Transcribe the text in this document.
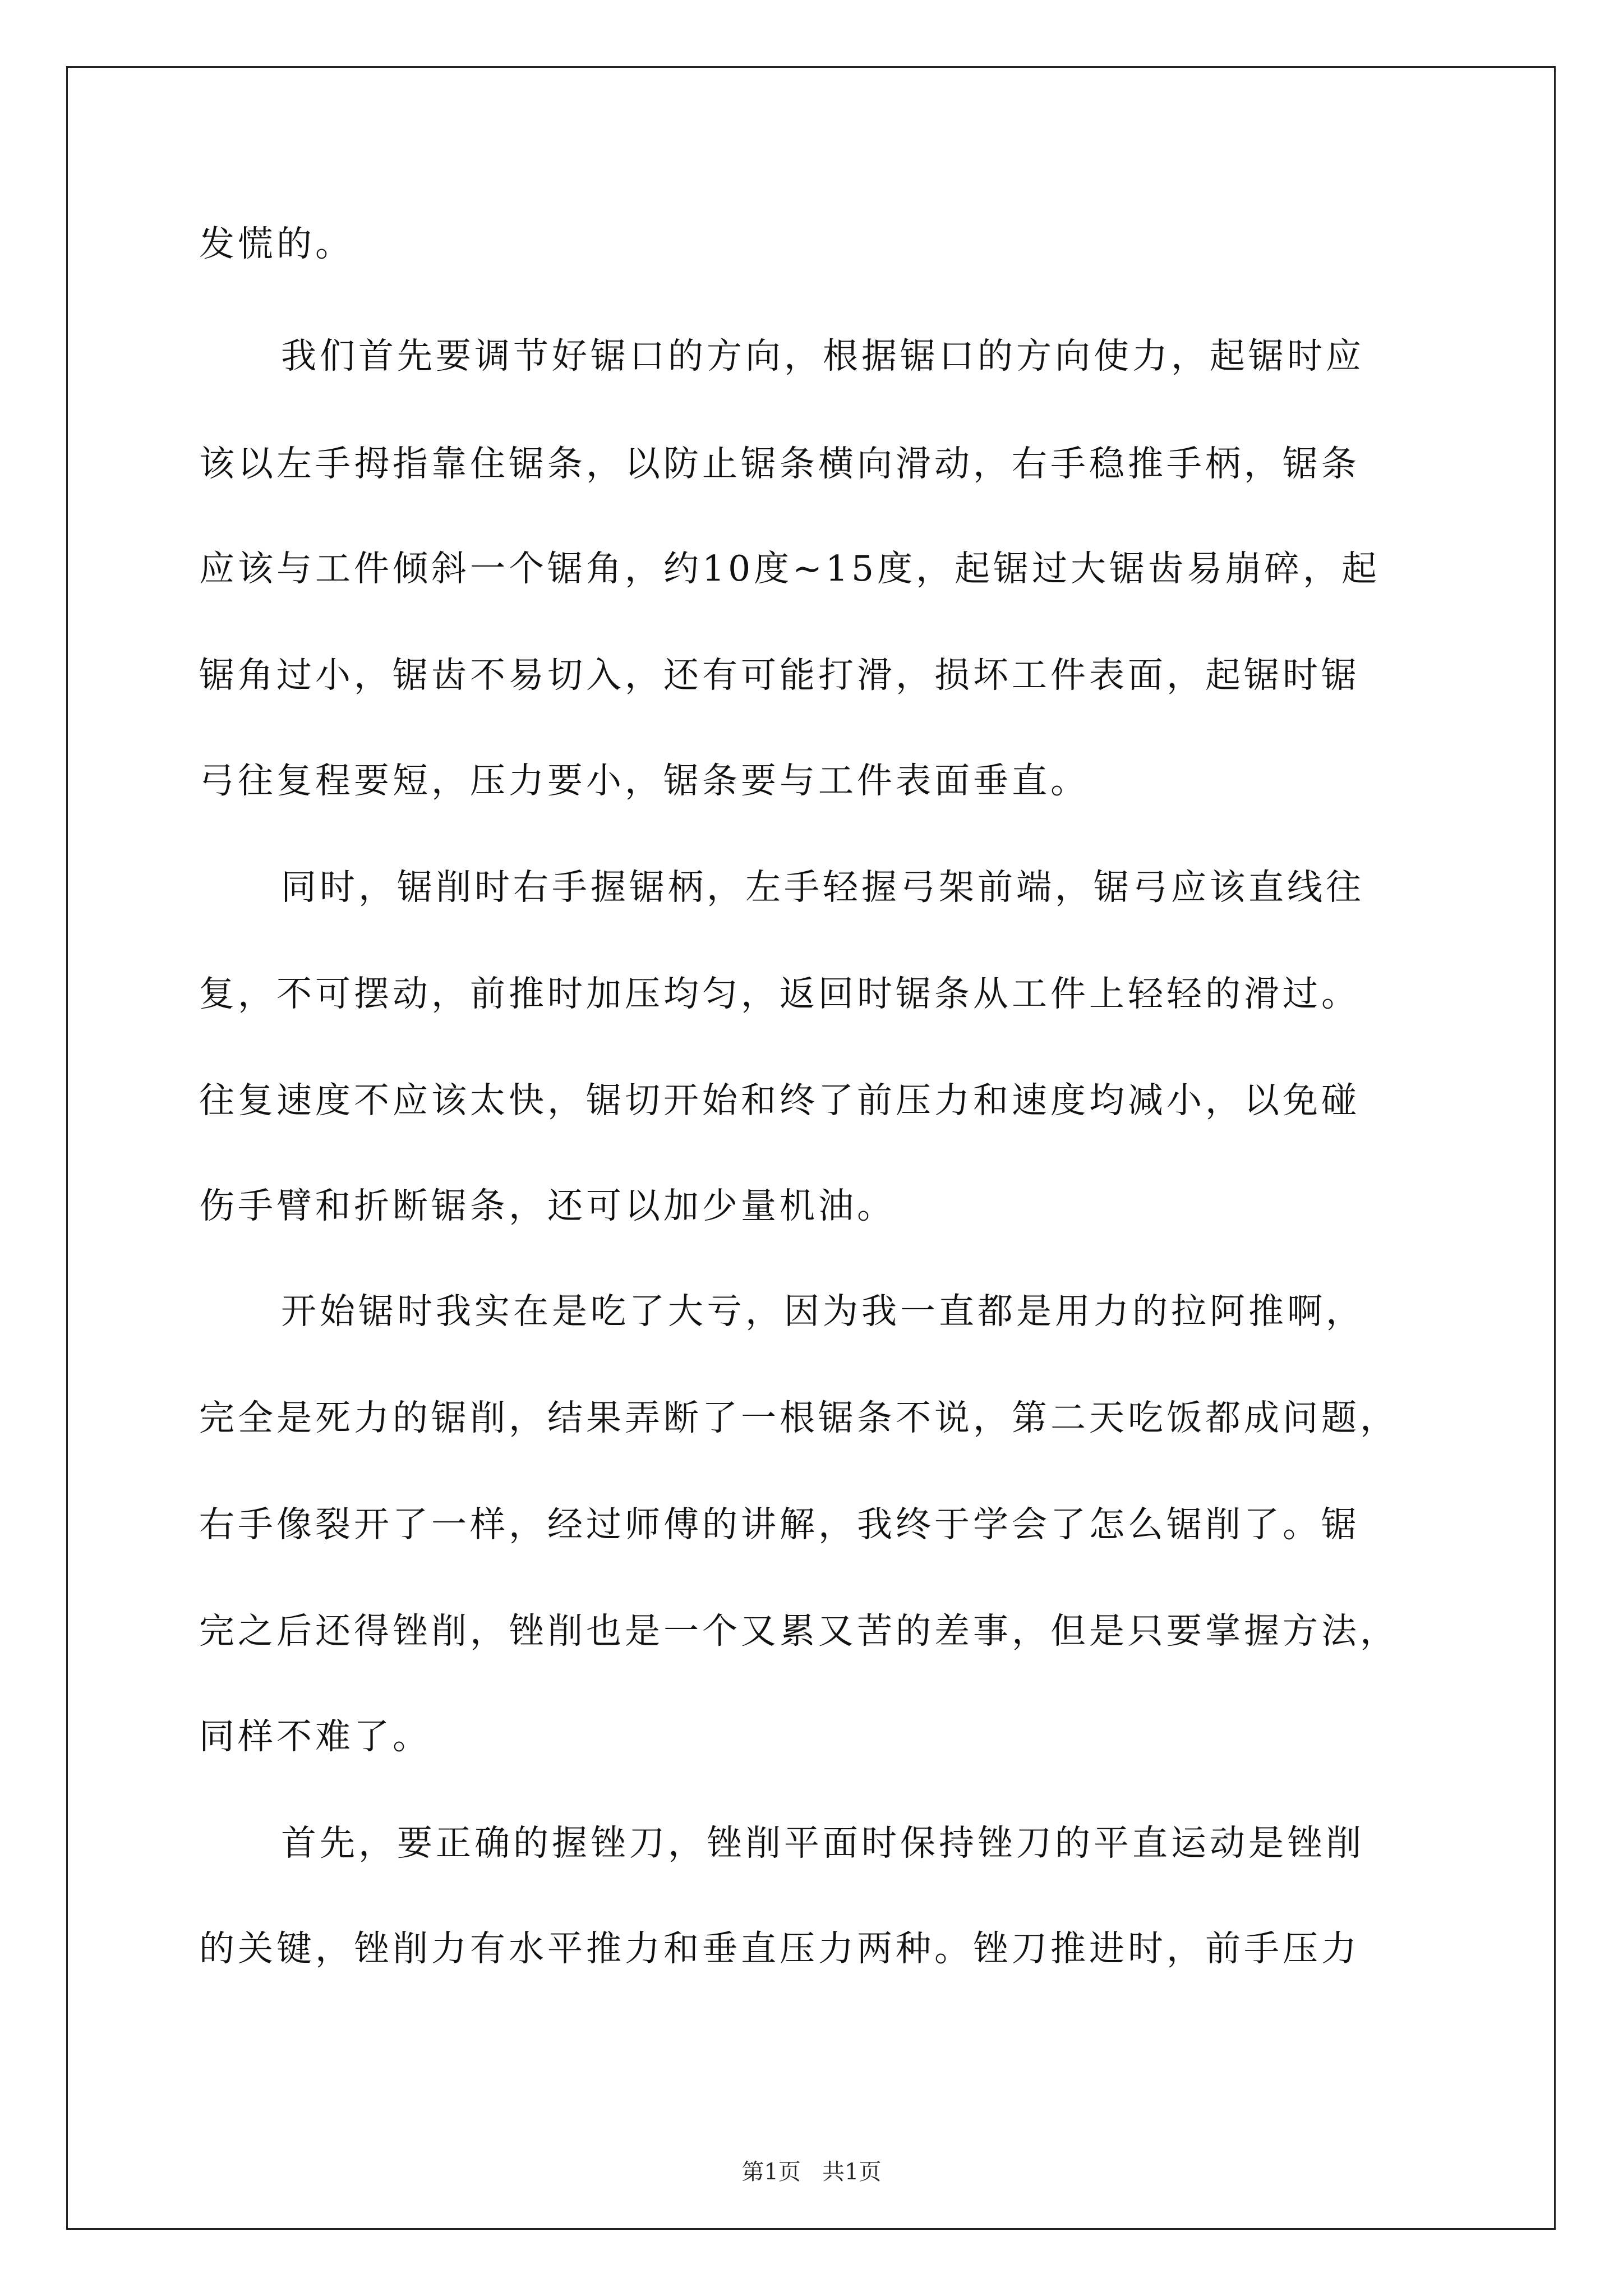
发慌的。
我们首先要调节好锯口的方向，根据锯口的方向使力，起锯时应
该以左手拇指靠住锯条，以防止锯条横向滑动，右手稳推手柄，锯条
应该与工件倾斜一个锯角，约10度~15度，起锯过大锯齿易崩碎，起
锯角过小，锯齿不易切入，还有可能打滑，损坏工件表面，起锯时锯
弓往复程要短，压力要小，锯条要与工件表面垂直。
同时，锯削时右手握锯柄，左手轻握弓架前端，锯弓应该直线往
复，不可摆动，前推时加压均匀，返回时锯条从工件上轻轻的滑过。
往复速度不应该太快，锯切开始和终了前压力和速度均减小，以免碰
伤手臂和折断锯条，还可以加少量机油。
开始锯时我实在是吃了大亏，因为我一直都是用力的拉阿推啊，
完全是死力的锯削，结果弄断了一根锯条不说，第二天吃饭都成问题，
右手像裂开了一样，经过师傅的讲解，我终于学会了怎么锯削了。锯
完之后还得锉削，锉削也是一个又累又苦的差事，但是只要掌握方法，
同样不难了。
首先，要正确的握锉刀，锉削平面时保持锉刀的平直运动是锉削
的关键，锉削力有水平推力和垂直压力两种。锉刀推进时，前手压力
第1页   共1页
